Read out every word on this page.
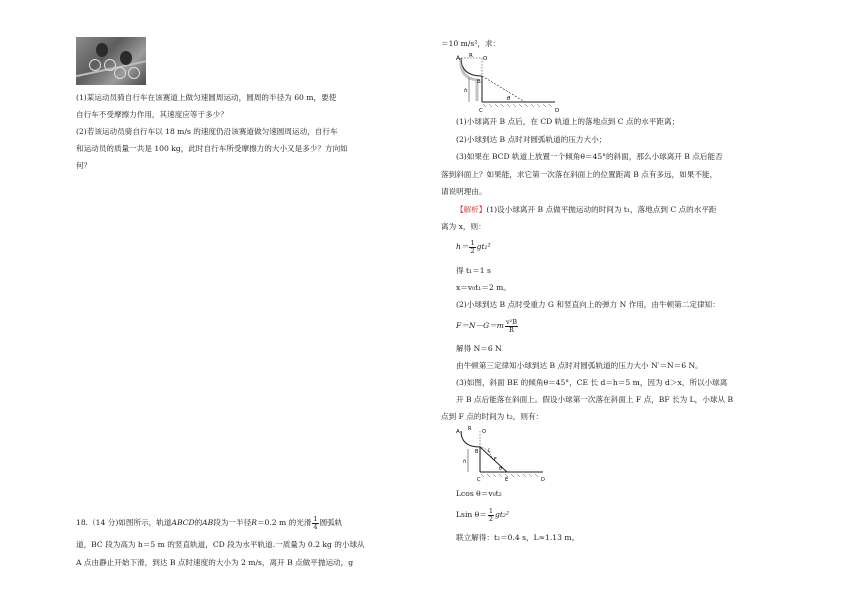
(1)某运动员骑自行车在该赛道上做匀速圆周运动，圆周的半径为 60 m，要使
自行车不受摩擦力作用，其速度应等于多少？
(2)若该运动员骑自行车以 18 m/s 的速度仍沿该赛道做匀速圆周运动，自行车
和运动员的质量一共是 100 kg，此时自行车所受摩擦力的大小又是多少？方向如
何？
18.（14 分)如图所示，轨道ABCD的AB段为一半径R＝0.2 m 的光滑 $\frac{1}{4}$ 圆弧轨
道，BC 段为高为 h＝5 m 的竖直轨道，CD 段为水平轨道.一质量为 0.2 kg 的小球从
A 点由静止开始下滑，到达 B 点时速度的大小为 2 m/s，离开 B 点做平抛运动，g
＝10 m/s²，求：
A R O
B
h
θ
C	D
(1)小球离开 B 点后，在 CD 轨道上的落地点到 C 点的水平距离；
(2)小球到达 B 点时对圆弧轨道的压力大小；
(3)如果在 BCD 轨道上放置一个倾角θ＝45°的斜面，那么小球离开 B 点后能否
落到斜面上？如果能，求它第一次落在斜面上的位置距离 B 点有多远，如果不能，
请说明理由。
【解析】(1)设小球离开 B 点做平抛运动的时间为 t₁，落地点到 C 点的水平距
离为 x，则：
$h= \frac{1}{2} gt_1^2$
得 t₁＝1 s
x＝v₀t₁＝2 m。
(2)小球到达 B 点时受重力 G 和竖直向上的弹力 N 作用，由牛顿第二定律知：
$F=N-G=m \frac{\text{v²B}}{R}$
解得 N＝6 N
由牛顿第三定律知小球到达 B 点时对圆弧轨道的压力大小 N′＝N＝6 N。
(3)如图，斜面 BE 的倾角θ＝45°，CE 长 d＝h＝5 m，因为 d＞x，所以小球离
开 B 点后能落在斜面上。假设小球第一次落在斜面上 F 点，BF 长为 L，小球从 B
点到 F 点的时间为 t₂，则有：
A R O
B L
F
h
θ
C	E	D
Lcos θ＝v₀t₂
Lsin $\theta= \frac{1}{2} gt_2^2$
联立解得：t₂＝0.4 s，L≈1.13 m。
